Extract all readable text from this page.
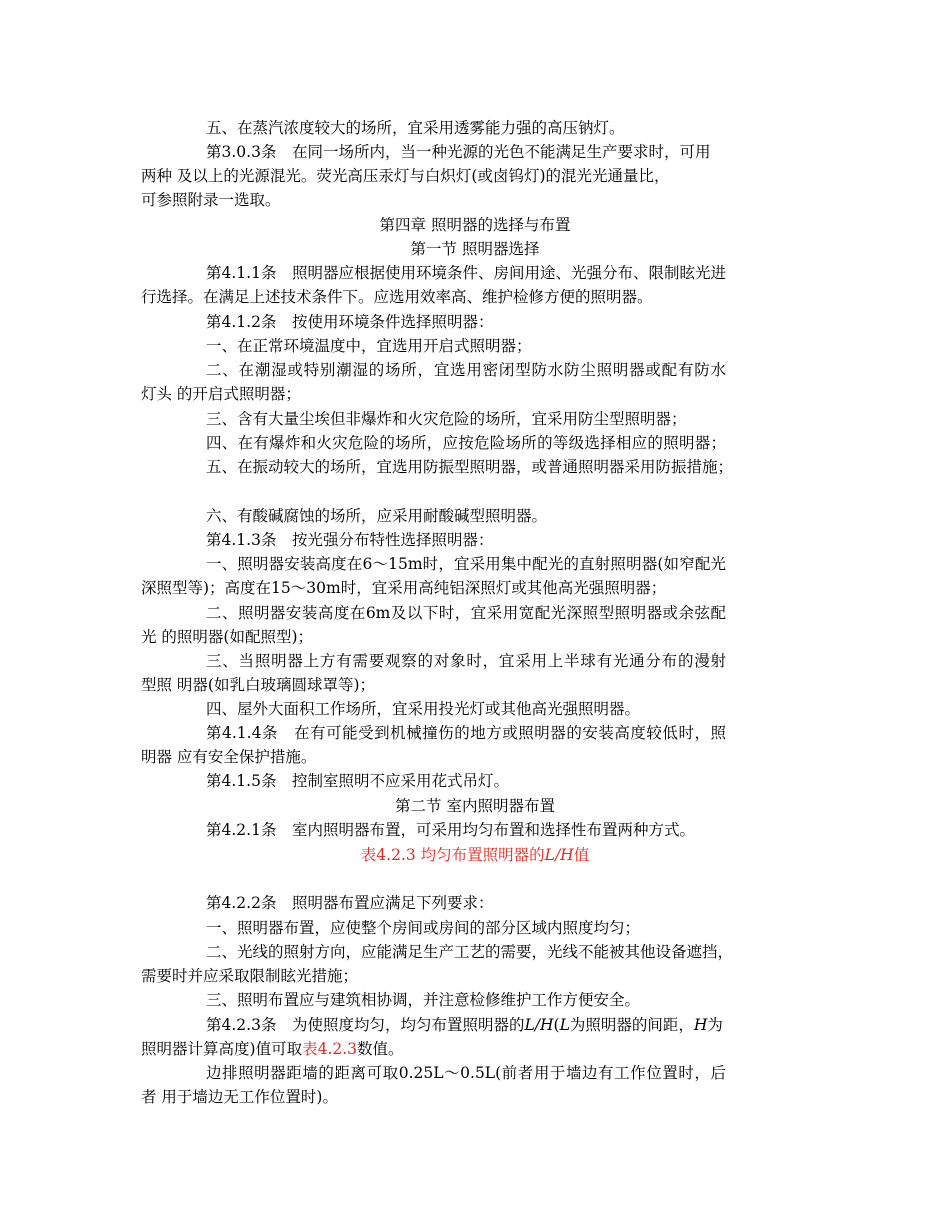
五、在蒸汽浓度较大的场所，宜采用透雾能力强的高压钠灯。
第3.0.3条　在同一场所内，当一种光源的光色不能满足生产要求时，可用
两种 及以上的光源混光。荧光高压汞灯与白炽灯(或卤钨灯)的混光光通量比，
可参照附录一选取。
第四章 照明器的选择与布置
第一节 照明器选择
第4.1.1条　照明器应根据使用环境条件、房间用途、光强分布、限制眩光进
行选择。在满足上述技术条件下。应选用效率高、维护检修方便的照明器。
第4.1.2条　按使用环境条件选择照明器：
一、在正常环境温度中，宜选用开启式照明器；
二、在潮湿或特别潮湿的场所，宜选用密闭型防水防尘照明器或配有防水
灯头 的开启式照明器；
三、含有大量尘埃但非爆炸和火灾危险的场所，宜采用防尘型照明器；
四、在有爆炸和火灾危险的场所，应按危险场所的等级选择相应的照明器；
五、在振动较大的场所，宜选用防振型照明器，或普通照明器采用防振措施；
六、有酸碱腐蚀的场所，应采用耐酸碱型照明器。
第4.1.3条　按光强分布特性选择照明器：
一、照明器安装高度在6～15m时，宜采用集中配光的直射照明器(如窄配光
深照型等)；高度在15～30m时，宜采用高纯铝深照灯或其他高光强照明器；
二、照明器安装高度在6m及以下时，宜采用宽配光深照型照明器或余弦配
光 的照明器(如配照型)；
三、当照明器上方有需要观察的对象时，宜采用上半球有光通分布的漫射
型照 明器(如乳白玻璃圆球罩等)；
四、屋外大面积工作场所，宜采用投光灯或其他高光强照明器。
第4.1.4条　在有可能受到机械撞伤的地方或照明器的安装高度较低时，照
明器 应有安全保护措施。
第4.1.5条　控制室照明不应采用花式吊灯。
第二节 室内照明器布置
第4.2.1条　室内照明器布置，可采用均匀布置和选择性布置两种方式。
表4.2.3 均匀布置照明器的L/H值
第4.2.2条　照明器布置应满足下列要求：
一、照明器布置，应使整个房间或房间的部分区域内照度均匀；
二、光线的照射方向，应能满足生产工艺的需要，光线不能被其他设备遮挡，
需要时并应采取限制眩光措施；
三、照明布置应与建筑相协调，并注意检修维护工作方便安全。
第4.2.3条　为使照度均匀，均匀布置照明器的L/H(L为照明器的间距，H为
照明器计算高度)值可取表4.2.3数值。
边排照明器距墙的距离可取0.25L～0.5L(前者用于墙边有工作位置时，后
者 用于墙边无工作位置时)。
